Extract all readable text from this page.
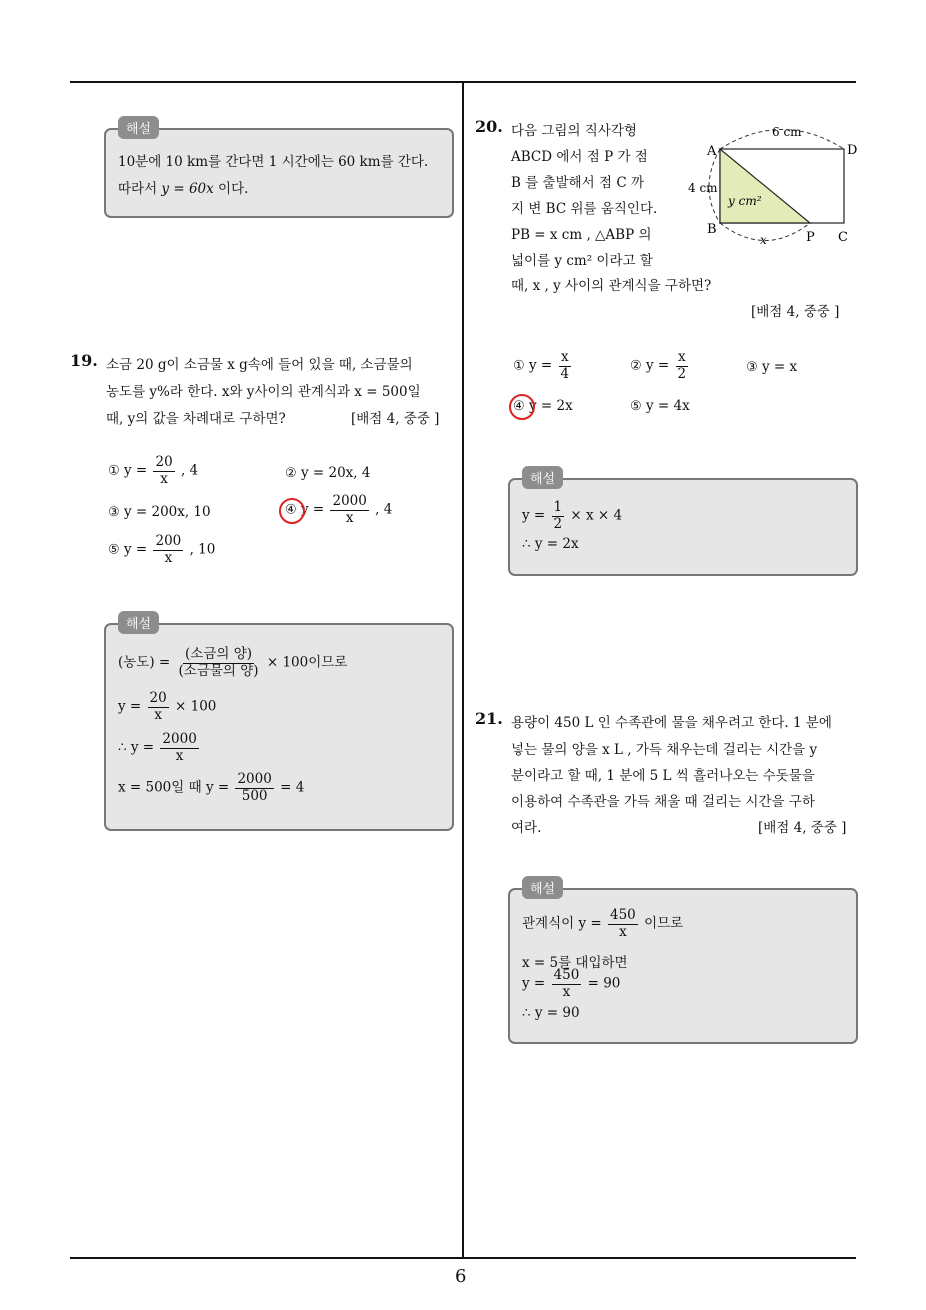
6
해설
10분에 10 km를 간다면 1 시간에는 60 km를 간다.
따라서 y = 60x 이다.
19. 소금 20 g이 소금물 x g속에 들어 있을 때, 소금물의
농도를 y%라 한다. x와 y사이의 관계식과 x = 500일
때, y의 값을 차례대로 구하면?	[배점 4, 중중 ]
① $y = \frac{20}{x}$ , 4	② y = 20x, 4
③ y = 200x, 10	④ $y = \frac{2000}{x}$ , 4
⑤ $y = \frac{200}{x}$ , 10
해설
(농도) = $\frac{\text{(소금의 양)}}{\text{(소금물의 양)}} \times 100$이므로
$y = \frac{20}{x} \times 100$
∴ $y = \frac{2000}{x}$
x = 500일 때 $y = \frac{2000}{500} = 4$
20. 다음 그림의 직사각형
ABCD 에서 점 P 가 점
B 를 출발해서 점 C 까
지 변 BC 위를 움직인다.
PB = x cm , △ABP 의
넓이를 y cm² 이라고 할
때, x , y 사이의 관계식을 구하면?
[배점 4, 중중 ]
A	D
B
P C
6 cm
4 cm
y cm²
x
① $y = \frac{x}{4}$	② $y = \frac{x}{2}$	③ y = x
④ y = 2x	⑤ y = 4x
해설
$y = \frac{1}{2} \times x \times 4$
∴ y = 2x
21. 용량이 450 L 인 수족관에 물을 채우려고 한다. 1 분에
넣는 물의 양을 x L , 가득 채우는데 걸리는 시간을 y
분이라고 할 때, 1 분에 5 L 씩 흘러나오는 수돗물을
이용하여 수족관을 가득 채울 때 걸리는 시간을 구하
여라.	[배점 4, 중중 ]
해설
관계식이 $y = \frac{450}{x}$ 이므로
x = 5를 대입하면
$y = \frac{450}{x} = 90$
∴ y = 90
